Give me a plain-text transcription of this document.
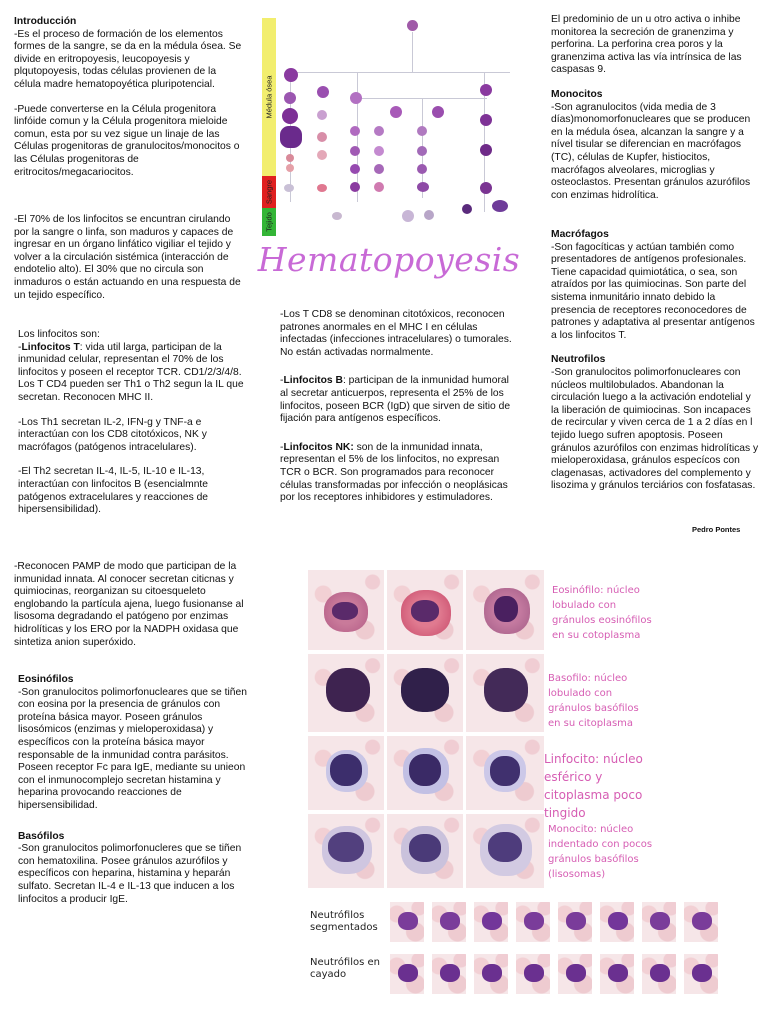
Introducción

-Es el proceso de formación de los elementos formes de la sangre, se da en la médula ósea. Se divide en eritropoyesis, leucopoyesis y plqutopoyesis, todas células provienen de la célula madre hematopoyética pluripotencial.

-Puede converterse en la Célula progenitora linfóide comun y la Célula progenitora mieloide comun, esta por su vez sigue un linaje de las Células progenitoras de granulocitos/monocitos o las Células progenitoras de eritrocitos/megacariocitos.

-El 70% de los linfocitos se encuntran cirulando por la sangre o linfa, son maduros y capaces de ingresar en un órgano linfático vigiliar el tejido y volver a la circulación sistémica (interacción de endotelio alto). El 30% que no circula son inmaduros o están actuando en una respuesta de un tejido específico.

Los linfocitos son:

-Linfocitos T: vida util larga, participan de la inmunidad celular, representan el 70% de los linfocitos y poseen el receptor TCR. CD1/2/3/4/8. Los T CD4 pueden ser Th1 o Th2 segun la IL que secretan. Reconocen MHC II.

-Los Th1 secretan IL-2, IFN-g y TNF-a e interactúan con los CD8 citotóxicos, NK y macrófagos (patógenos intracelulares).

-El Th2 secretan IL-4, IL-5, IL-10 e IL-13, interactúan con linfocitos B (esencialmnte patógenos extracelulares y reacciones de hipersensibilidad).

Médula ósea
Sangre
Tejido
Hematopoyesis

-Los T CD8 se denominan citotóxicos, reconocen patrones anormales en el MHC I en células infectadas (infecciones intracelulares) o tumorales. No están activadas normalmente.

-Linfocitos B: participan de la inmunidad humoral al secretar anticuerpos, representa el 25% de los linfocitos, poseen BCR (IgD) que sirven de sitio de fijación para antígenos específicos.

-Linfocitos NK: son de la inmunidad innata, representan el 5% de los linfocitos, no expresan TCR o BCR. Son programados para reconocer células transformadas por infección o neoplásicas por los receptores inhibidores y estimuladores.

El predominio de un u otro activa o inhibe monitorea la secreción de granenzima y perforina. La perforina crea poros y la granenzima activa las vía intrínsica de las caspasas 9.

Monocitos

-Son agranulocitos (vida media de 3 días)monomorfonucleares que se producen en la médula ósea, alcanzan la sangre y a nível tisular se diferencian en macrófagos (TC), células de Kupfer, histiocitos, macrófagos alveolares, microglias y osteoclastos. Presentan gránulos azurófilos con enzimas hidrolítica.

Macrófagos

-Son fagocíticas y actúan también como presentadores de antígenos profesionales. Tiene capacidad quimiotática, o sea, son atraídos por las quimiocinas. Son parte del sistema inmunitário innato debido la presencia de receptores reconocedores de patrones y adaptativa al presentar antígenos a los linfocitos T.

Neutrofilos

-Son granulocitos polimorfonucleares con núcleos multilobulados. Abandonan la circulación luego a la activación endotelial y la liberación de quimiocinas. Son incapaces de recircular y viven cerca de 1 a 2 días en l tejido luego sufren apoptosis. Poseen gránulos azurófilos con enzimas hidrolíticas y mieloperoxidasa, gránulos especícos con clagenasas, activadores del complemento y lisozima y gránulos terciários con fosfatasas.

Pedro Pontes

-Reconocen PAMP de modo que participan de la inmunidad innata. Al conocer secretan citicnas y quimiocinas, reorganizan su citoesqueleto englobando la partícula ajena, luego fusionanse al lisosoma degradando el patógeno por enzimas hidrolíticas y los ERO por la NADPH oxidasa que sintetiza anion superóxido.

Eosinófilos

-Son granulocitos polimorfonucleares que se tiñen con eosina por la presencia de gránulos con proteína básica mayor. Poseen gránulos lisosómicos (enzimas y mieloperoxidasa) y específicos con la proteína básica mayor responsable de la inmunidad contra parásitos. Poseen receptor Fc para IgE, mediante su unieon con el inmunocomplejo secretan histamina y heparina provocando reacciones de hipersensibilidad.

Basófilos

-Son granulocitos polimorfonucleres que se tiñen con hematoxilina. Posee gránulos azurófilos y específicos con heparina, histamina y heparán sulfato. Secretan IL-4 e IL-13 que inducen a los linfocitos a producir IgE.

Eosinófilo: núcleo lobulado con gránulos eosinófilos en su cotoplasma
Basofilo: núcleo lobulado con gránulos basófilos en su citoplasma
Linfocito: núcleo esférico y citoplasma poco tingido
Monocito: núcleo indentado con pocos gránulos basófilos (lisosomas)
Neutrófilos segmentados
Neutrófilos en cayado
